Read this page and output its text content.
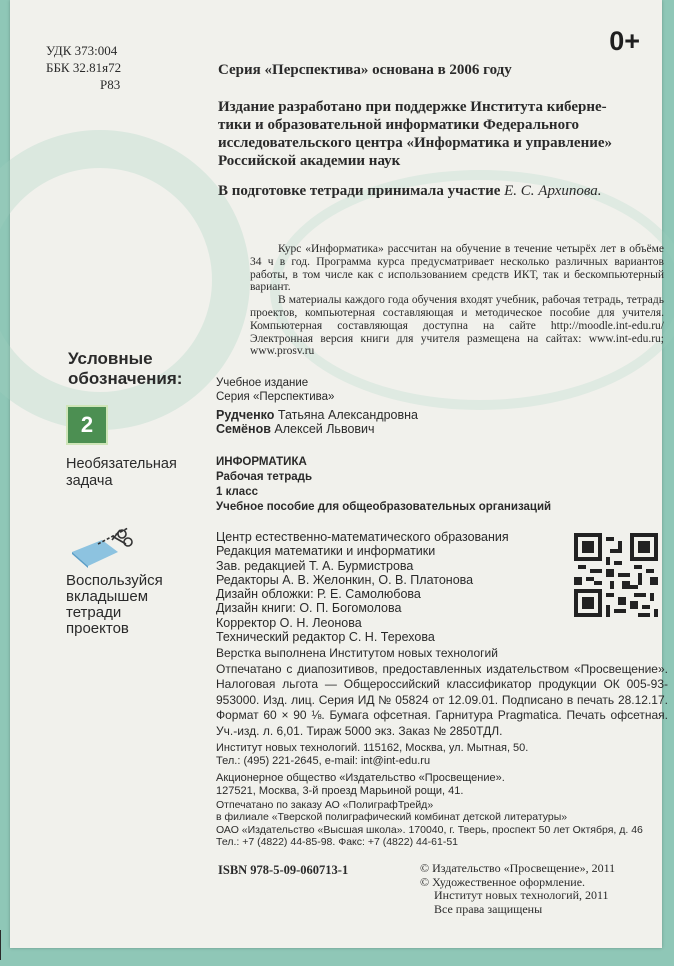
УДК 373:004
ББК 32.81я72
Р83
0+
Серия «Перспектива» основана в 2006 году
Издание разработано при поддержке Института киберне-
тики и образовательной информатики Федерального
исследовательского центра «Информатика и управление»
Российской академии наук
В подготовке тетради принимала участие Е. С. Архипова.

Курс «Информатика» рассчитан на обучение в течение четырёх лет в объёме 34 ч в год. Программа курса предусматривает несколько различных вариантов работы, в том числе как с использованием средств ИКТ, так и бескомпьютерный вариант.

В материалы каждого года обучения входят учебник, рабочая тетрадь, тетрадь проектов, компьютерная составляющая и методическое пособие для учителя. Компьютерная составляющая доступна на сайте http://moodle.int-edu.ru/ Электронная версия книги для учителя размещена на сайтах: www.int-edu.ru; www.prosv.ru

Условные
обозначения:
2
Необязательная
задача
Воспользуйся
вкладышем
тетради
проектов
Учебное издание
Серия «Перспектива»
Рудченко Татьяна Александровна
Семёнов Алексей Львович
ИНФОРМАТИКА
Рабочая тетрадь
1 класс
Учебное пособие для общеобразовательных организаций
Центр естественно-математического образования
Редакция математики и информатики
Зав. редакцией Т. А. Бурмистрова
Редакторы А. В. Желонкин, О. В. Платонова
Дизайн обложки: Р. Е. Самолюбова
Дизайн книги: О. П. Богомолова
Корректор О. Н. Леонова
Технический редактор С. Н. Терехова

Верстка выполнена Институтом новых технологий

Отпечатано с диапозитивов, предоставленных издательством «Просвещение». Налоговая льгота — Общероссийский классификатор продукции ОК 005-93-953000. Изд. лиц. Серия ИД № 05824 от 12.09.01. Подписано в печать 28.12.17. Формат 60 × 90 ⅛. Бумага офсетная. Гарнитура Pragmatica. Печать офсетная. Уч.-изд. л. 6,01. Тираж 5000 экз. Заказ № 2850ТДЛ.

Институт новых технологий. 115162, Москва, ул. Мытная, 50.
Тел.: (495) 221-2645, e-mail: int@int-edu.ru
Акционерное общество «Издательство «Просвещение».
127521, Москва, 3-й проезд Марьиной рощи, 41.
Отпечатано по заказу АО «ПолиграфТрейд»
в филиале «Тверской полиграфический комбинат детской литературы»
ОАО «Издательство «Высшая школа». 170040, г. Тверь, проспект 50 лет Октября, д. 46
Тел.: +7 (4822) 44-85-98. Факс: +7 (4822) 44-61-51
ISBN 978-5-09-060713-1	© Издательство «Просвещение», 2011
© Художественное оформление.
Институт новых технологий, 2011
Все права защищены
